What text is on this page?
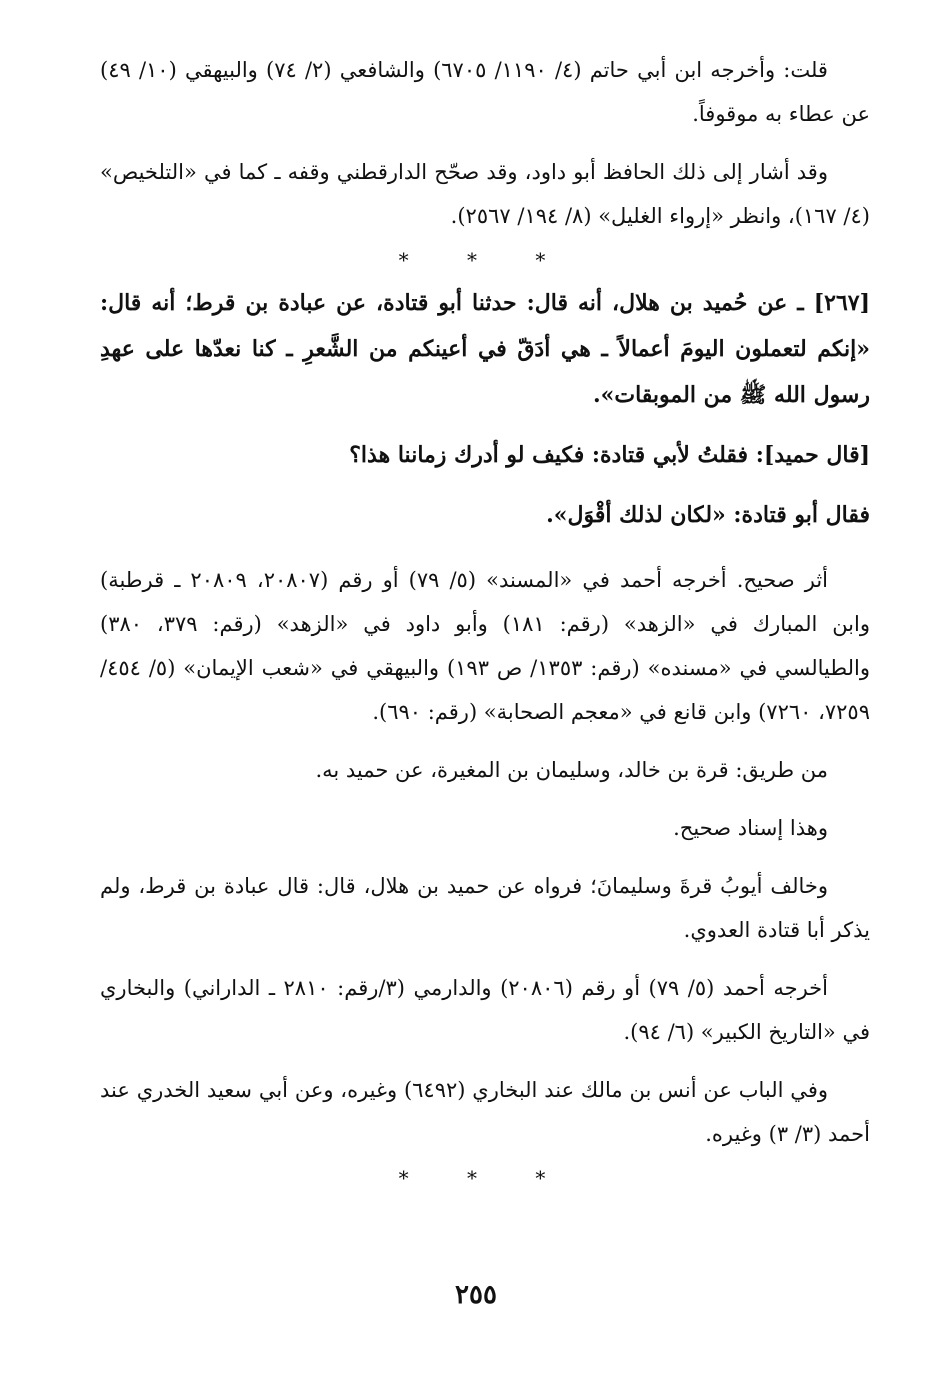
قلت: وأخرجه ابن أبي حاتم (٤/ ١١٩٠/ ٦٧٠٥) والشافعي (٢/ ٧٤) والبيهقي (١٠/ ٤٩) عن عطاء به موقوفاً.

وقد أشار إلى ذلك الحافظ أبو داود، وقد صحّح الدارقطني وقفه ـ كما في «التلخيص» (٤/ ١٦٧)، وانظر «إرواء الغليل» (٨/ ١٩٤/ ٢٥٦٧).

* * *

[٢٦٧] ـ عن حُميد بن هلال، أنه قال: حدثنا أبو قتادة، عن عبادة بن قرط؛ أنه قال: «إنكم لتعملون اليومَ أعمالاً ـ هي أدَقّ في أعينكم من الشَّعرِ ـ كنا نعدّها على عهدِ رسول الله ﷺ من الموبقات».

[قال حميد]: فقلتُ لأبي قتادة: فكيف لو أدرك زماننا هذا؟

فقال أبو قتادة: «لكان لذلك أقْوَل».

أثر صحيح. أخرجه أحمد في «المسند» (٥/ ٧٩) أو رقم (٢٠٨٠٧، ٢٠٨٠٩ ـ قرطبة) وابن المبارك في «الزهد» (رقم: ١٨١) وأبو داود في «الزهد» (رقم: ٣٧٩، ٣٨٠) والطيالسي في «مسنده» (رقم: ١٣٥٣/ ص ١٩٣) والبيهقي في «شعب الإيمان» (٥/ ٤٥٤/ ٧٢٥٩، ٧٢٦٠) وابن قانع في «معجم الصحابة» (رقم: ٦٩٠).

من طريق: قرة بن خالد، وسليمان بن المغيرة، عن حميد به.

وهذا إسناد صحيح.

وخالف أيوبُ قرةَ وسليمانَ؛ فرواه عن حميد بن هلال، قال: قال عبادة بن قرط، ولم يذكر أبا قتادة العدوي.

أخرجه أحمد (٥/ ٧٩) أو رقم (٢٠٨٠٦) والدارمي (٣/رقم: ٢٨١٠ ـ الداراني) والبخاري في «التاريخ الكبير» (٦/ ٩٤).

وفي الباب عن أنس بن مالك عند البخاري (٦٤٩٢) وغيره، وعن أبي سعيد الخدري عند أحمد (٣/ ٣) وغيره.

* * *
٢٥٥
